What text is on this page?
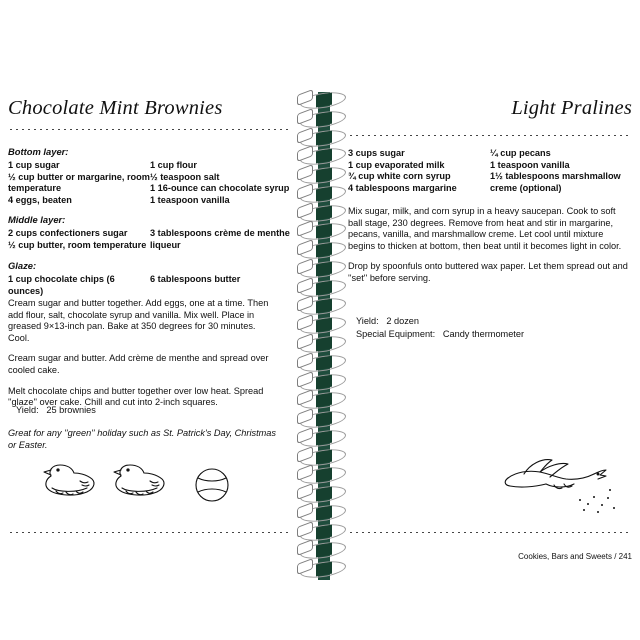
Chocolate Mint Brownies
Bottom layer:
1 cup sugar
½ cup butter or margarine, room
temperature
4 eggs, beaten
1 cup flour
½ teaspoon salt
1 16-ounce can chocolate syrup
1 teaspoon vanilla
Middle layer:
2 cups confectioners sugar
½ cup butter, room temperature
3 tablespoons crème de menthe
liqueur
Glaze:
1 cup chocolate chips (6 ounces)
6 tablespoons butter
Cream sugar and butter together. Add eggs, one at a time. Then add flour, salt, chocolate syrup and vanilla. Mix well. Place in greased 9×13-inch pan. Bake at 350 degrees for 30 minutes. Cool.
Cream sugar and butter. Add crème de menthe and spread over cooled cake.
Melt chocolate chips and butter together over low heat. Spread ''glaze'' over cake. Chill and cut into 2-inch squares.
Yield: 25 brownies
Great for any ''green'' holiday such as St. Patrick's Day, Christmas or Easter.
Light Pralines
3 cups sugar
1 cup evaporated milk
¾ cup white corn syrup
4 tablespoons margarine
¼ cup pecans
1 teaspoon vanilla
1½ tablespoons marshmallow
creme (optional)
Mix sugar, milk, and corn syrup in a heavy saucepan. Cook to soft ball stage, 230 degrees. Remove from heat and stir in margarine, pecans, vanilla, and marshmallow creme. Let cool until mixture begins to thicken at bottom, then beat until it becomes light in color.
Drop by spoonfuls onto buttered wax paper. Let them spread out and ''set'' before serving.
Yield: 2 dozen
Special Equipment: Candy thermometer
Cookies, Bars and Sweets / 241
